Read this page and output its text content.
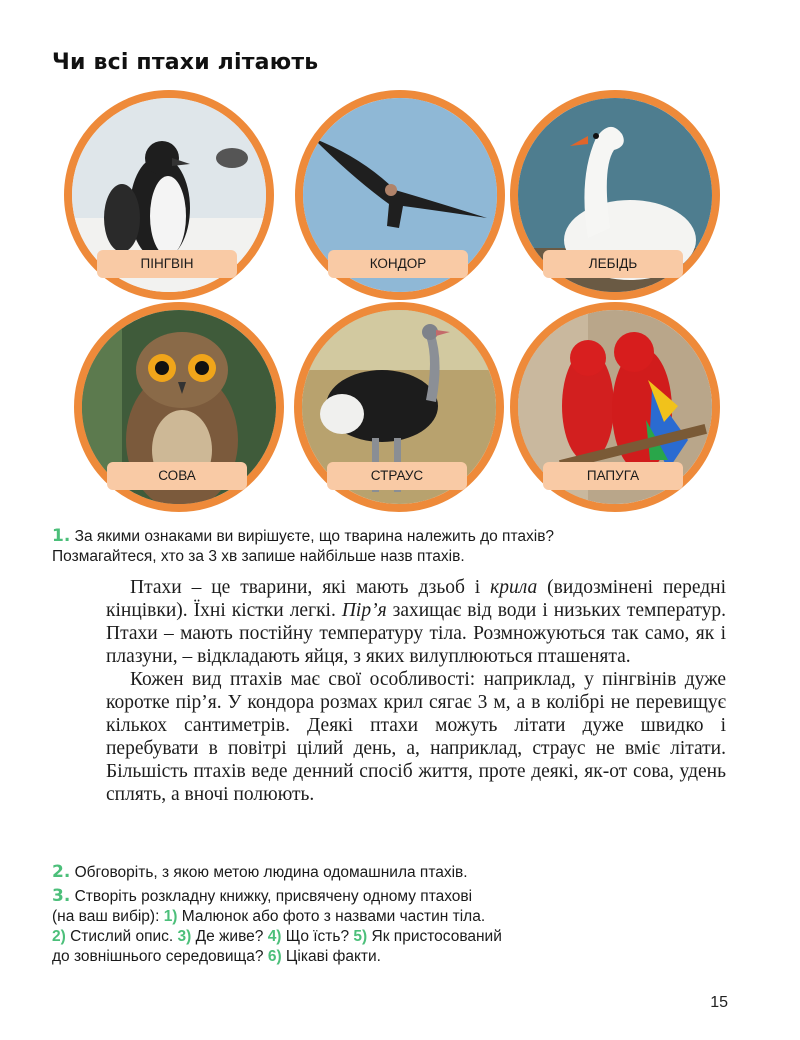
Чи всі птахи літають
ПІНГВІН	КОНДОР	ЛЕБІДЬ
СОВА	СТРАУС	ПАПУГА
1. За якими ознаками ви вирішуєте, що тварина належить до птахів?
Позмагайтеся, хто за 3 хв запише найбільше назв птахів.

Птахи – це тварини, які мають дзьоб і крила (видозмінені передні кінцівки). Їхні кістки легкі. Пір’я захищає від води і низьких температур. Птахи – мають постійну температуру тіла. Розмножуються так само, як і плазуни, – відкладають яйця, з яких вилуплюються пташенята.

Кожен вид птахів має свої особливості: наприклад, у пінгвінів дуже коротке пір’я. У кондора розмах крил сягає 3 м, а в колібрі не перевищує кількох сантиметрів. Деякі птахи можуть літати дуже швидко і перебувати в повітрі цілий день, а, наприклад, страус не вміє літати. Більшість птахів веде денний спосіб життя, проте деякі, як-от сова, удень сплять, а вночі полюють.

2. Обговоріть, з якою метою людина одомашнила птахів.
3. Створіть розкладну книжку, присвячену одному птахові
(на ваш вибір): 1) Малюнок або фото з назвами частин тіла.
2) Стислий опис. 3) Де живе? 4) Що їсть? 5) Як пристосований
до зовнішнього середовища? 6) Цікаві факти.
15
